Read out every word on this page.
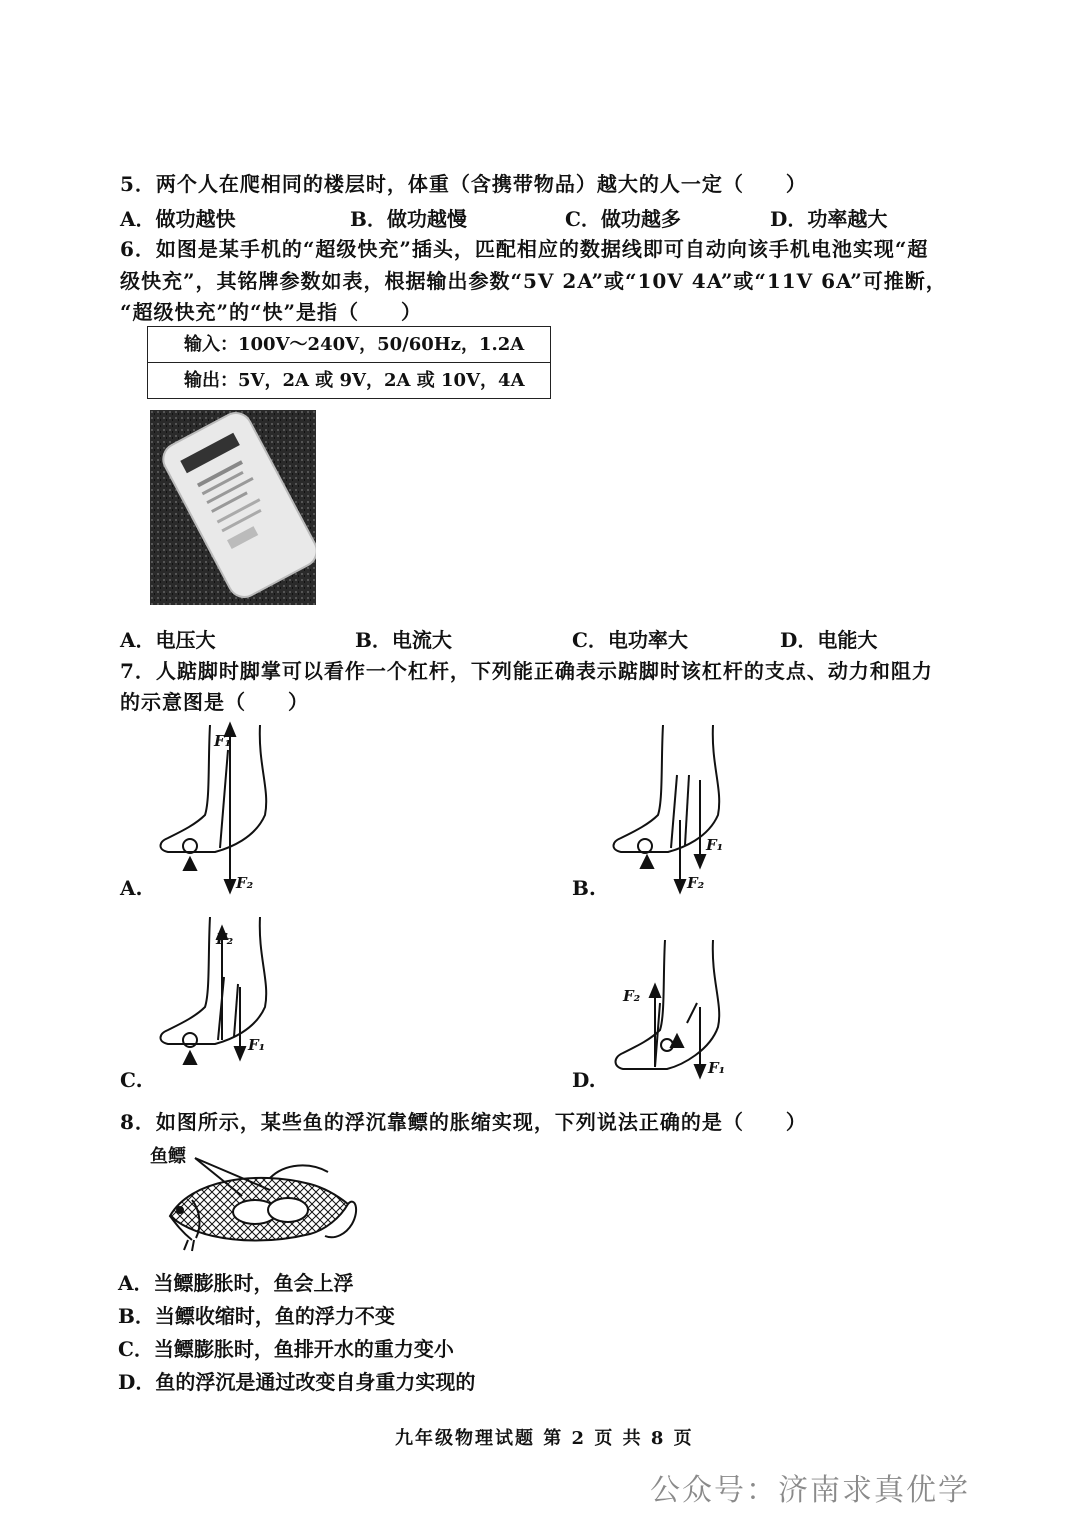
5．两个人在爬相同的楼层时，体重（含携带物品）越大的人一定（　　）
A．做功越快	B．做功越慢	C．做功越多	D．功率越大
6．如图是某手机的“超级快充”插头，匹配相应的数据线即可自动向该手机电池实现“超
级快充”，其铭牌参数如表，根据输出参数“5V 2A”或“10V 4A”或“11V 6A”可推断，
“超级快充”的“快”是指（　　）
输入：100V～240V，50/60Hz，1.2A
输出：5V，2A 或 9V，2A 或 10V，4A
A．电压大	B．电流大	C．电功率大	D．电能大
7．人踮脚时脚掌可以看作一个杠杆，下列能正确表示踮脚时该杠杆的支点、动力和阻力
的示意图是（　　）
F₁
F₂
A.
F₁
F₂
B.
F₂
F₁
C.
F₂
F₁
D.
8．如图所示，某些鱼的浮沉靠鳔的胀缩实现，下列说法正确的是（　　）
鱼鳔
A．当鳔膨胀时，鱼会上浮
B．当鳔收缩时，鱼的浮力不变
C．当鳔膨胀时，鱼排开水的重力变小
D．鱼的浮沉是通过改变自身重力实现的
九年级物理试题 第 2 页 共 8 页
公众号：济南求真优学
